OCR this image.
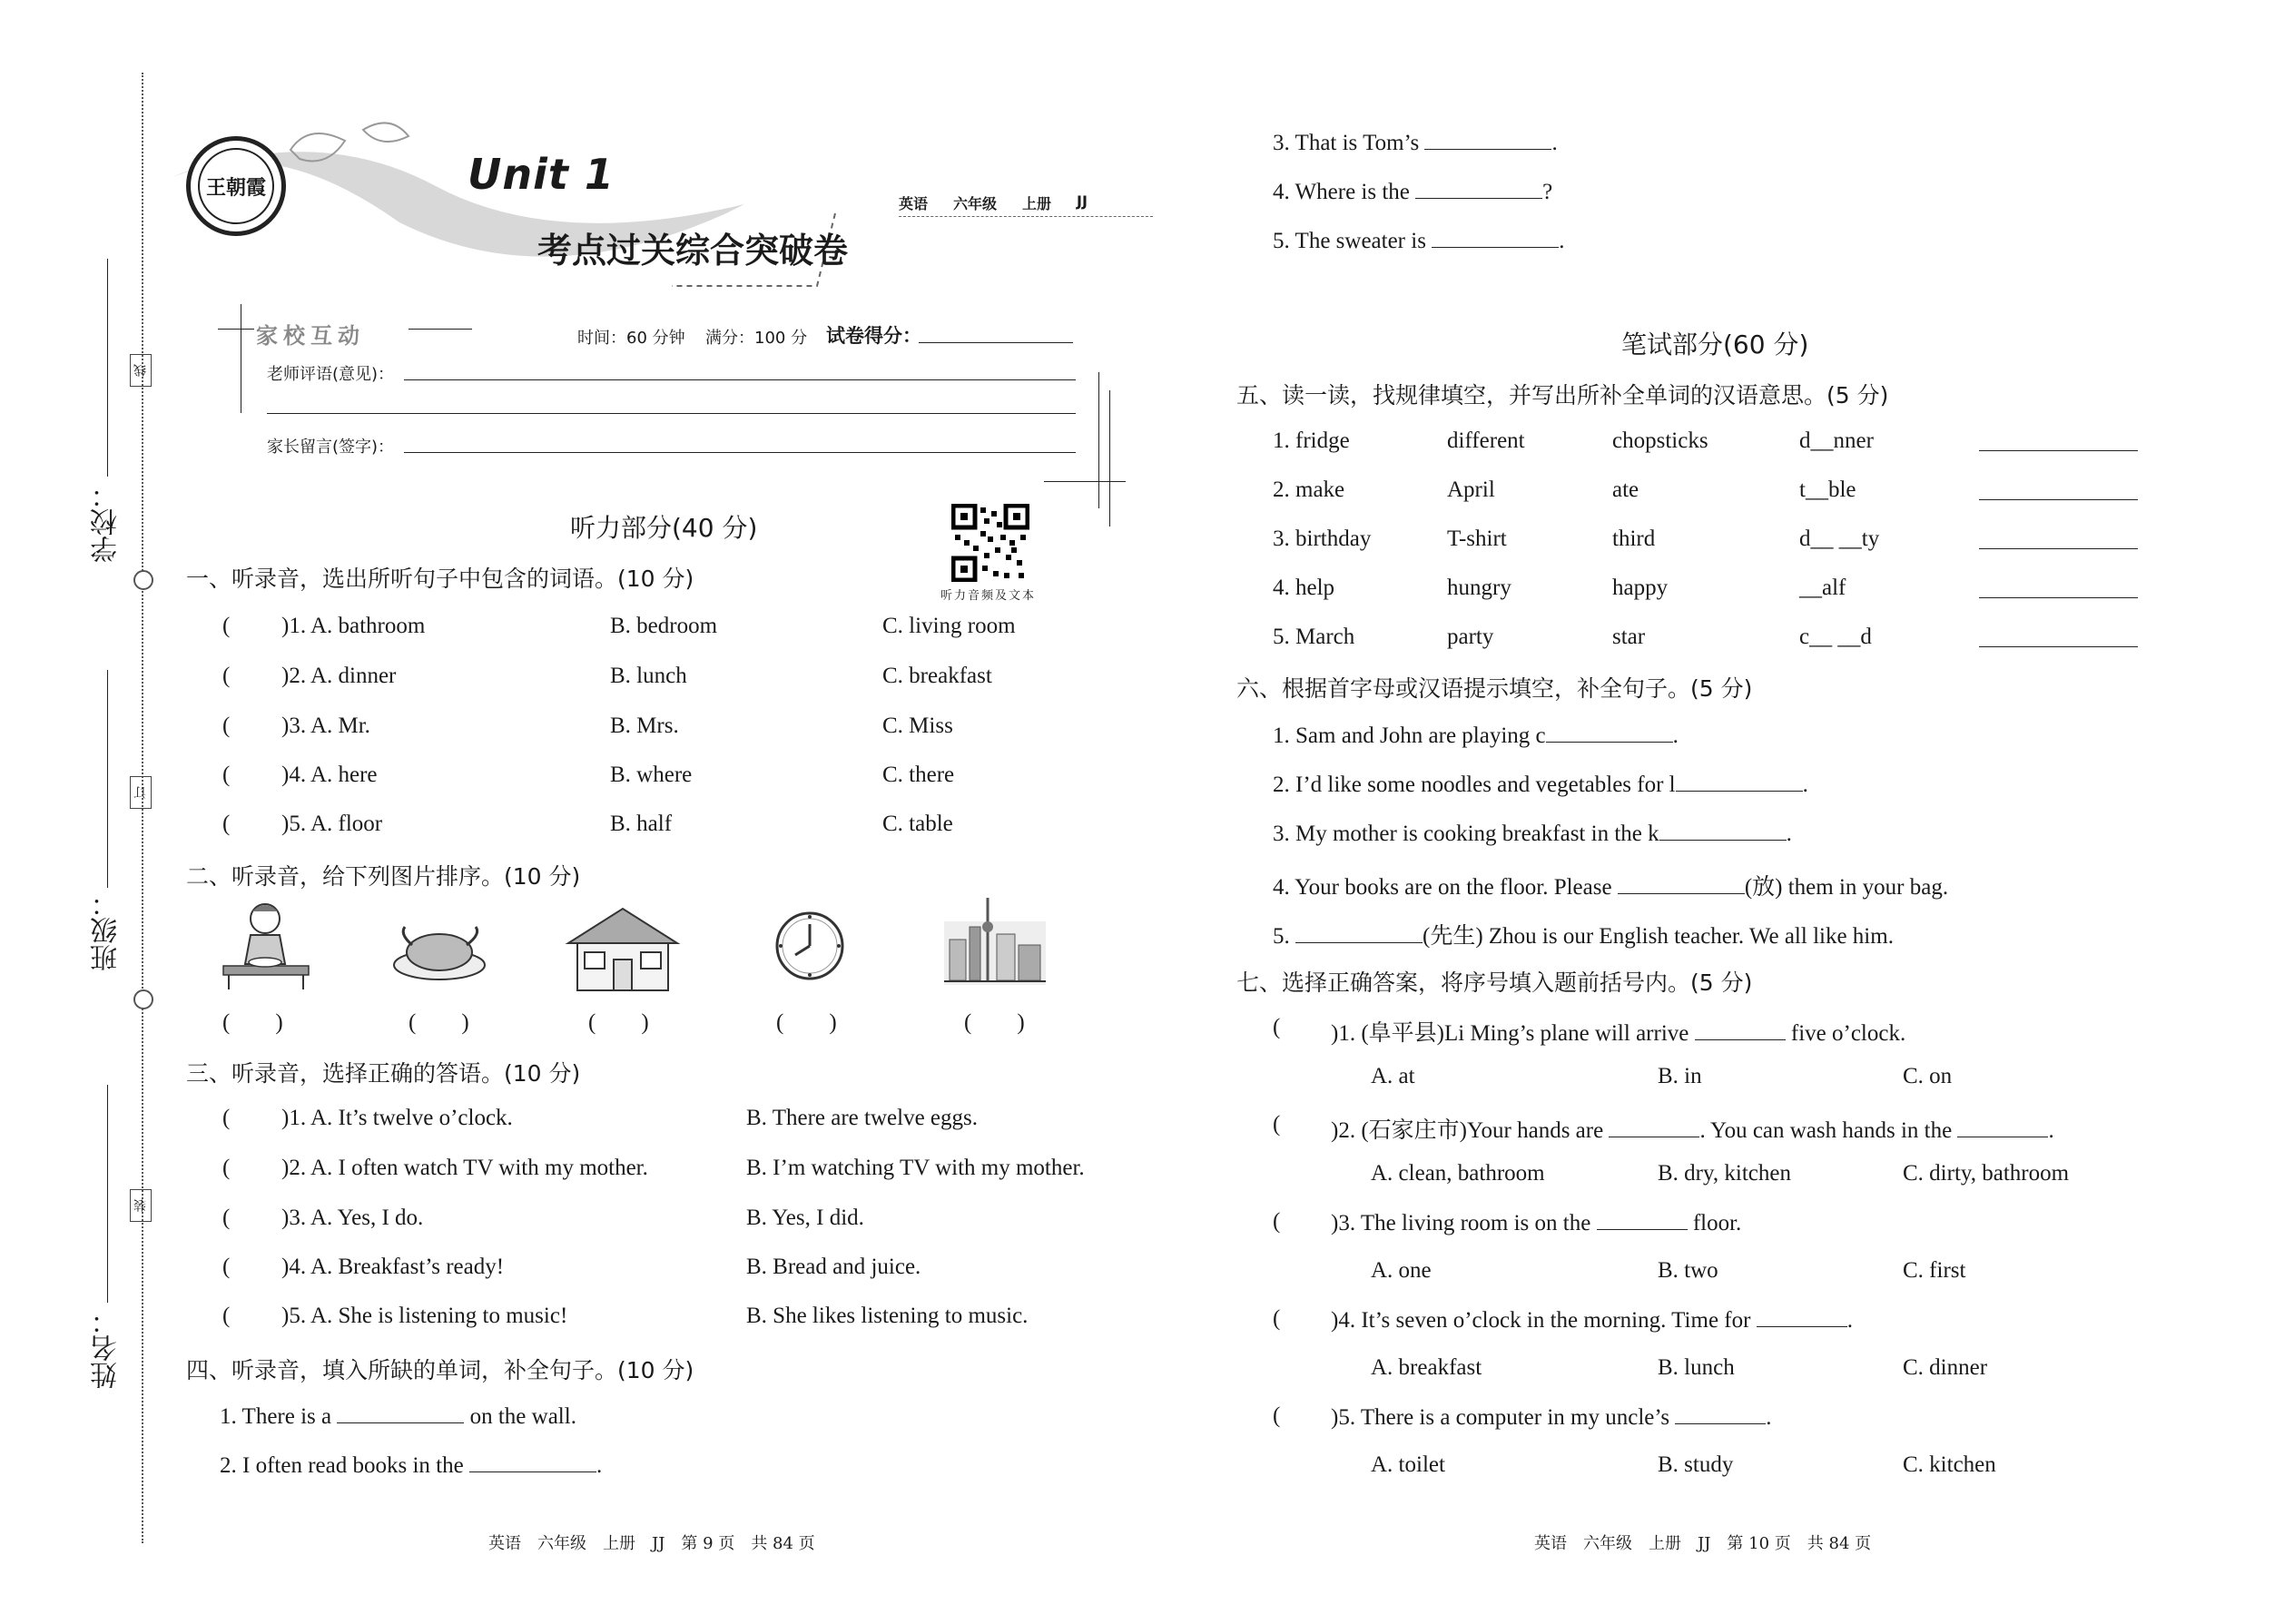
学校：
班级：
姓名：
线
订
装
王朝霞	Unit 1
考点过关综合突破卷
英语 六年级 上册 JJ
家校互动	时间：60 分钟 满分：100 分 试卷得分：
老师评语(意见)：
家长留言(签字)：
听力音频及文本
听力部分(40 分)
一、听录音，选出所听句子中包含的词语。(10 分)
( )1. A. bathroom	B. bedroom	C. living room
( )2. A. dinner	B. lunch	C. breakfast
( )3. A. Mr.	B. Mrs.	C. Miss
( )4. A. here	B. where	C. there
( )5. A. floor	B. half	C. table
二、听录音，给下列图片排序。(10 分)
(　　)	(　　)	(　　)	(　　)	(　　)
三、听录音，选择正确的答语。(10 分)
( )1. A. It’s twelve o’clock.	B. There are twelve eggs.
( )2. A. I often watch TV with my mother.	B. I’m watching TV with my mother.
( )3. A. Yes, I do.	B. Yes, I did.
( )4. A. Breakfast’s ready!	B. Bread and juice.
( )5. A. She is listening to music!	B. She likes listening to music.
四、听录音，填入所缺的单词，补全句子。(10 分)
1. There is a	on the wall.
2. I often read books in the	.
3. That is Tom’s	.
4. Where is the	?
5. The sweater is	.
笔试部分(60 分)
五、读一读，找规律填空，并写出所补全单词的汉语意思。(5 分)
1. fridge	different	chopsticks	d__nner
2. make	April	ate	t__ble
3. birthday	T-shirt	third	d__ __ty
4. help	hungry	happy	__alf
5. March	party	star	c__ __d
六、根据首字母或汉语提示填空，补全句子。(5 分)
1. Sam and John are playing c	.
2. I’d like some noodles and vegetables for l	.
3. My mother is cooking breakfast in the k	.
4. Your books are on the floor. Please	(放) them in your bag.
5.	(先生) Zhou is our English teacher. We all like him.
七、选择正确答案，将序号填入题前括号内。(5 分)
( )1. (阜平县)Li Ming’s plane will arrive	five o’clock.
A. at	B. in	C. on
( )2. (石家庄市)Your hands are	. You can wash hands in the	.
A. clean, bathroom	B. dry, kitchen	C. dirty, bathroom
( )3. The living room is on the	floor.
A. one	B. two	C. first
( )4. It’s seven o’clock in the morning. Time for	.
A. breakfast	B. lunch	C. dinner
( )5. There is a computer in my uncle’s	.
A. toilet	B. study	C. kitchen
英语　六年级　上册　JJ　第 9 页　共 84 页	英语　六年级　上册　JJ　第 10 页　共 84 页
